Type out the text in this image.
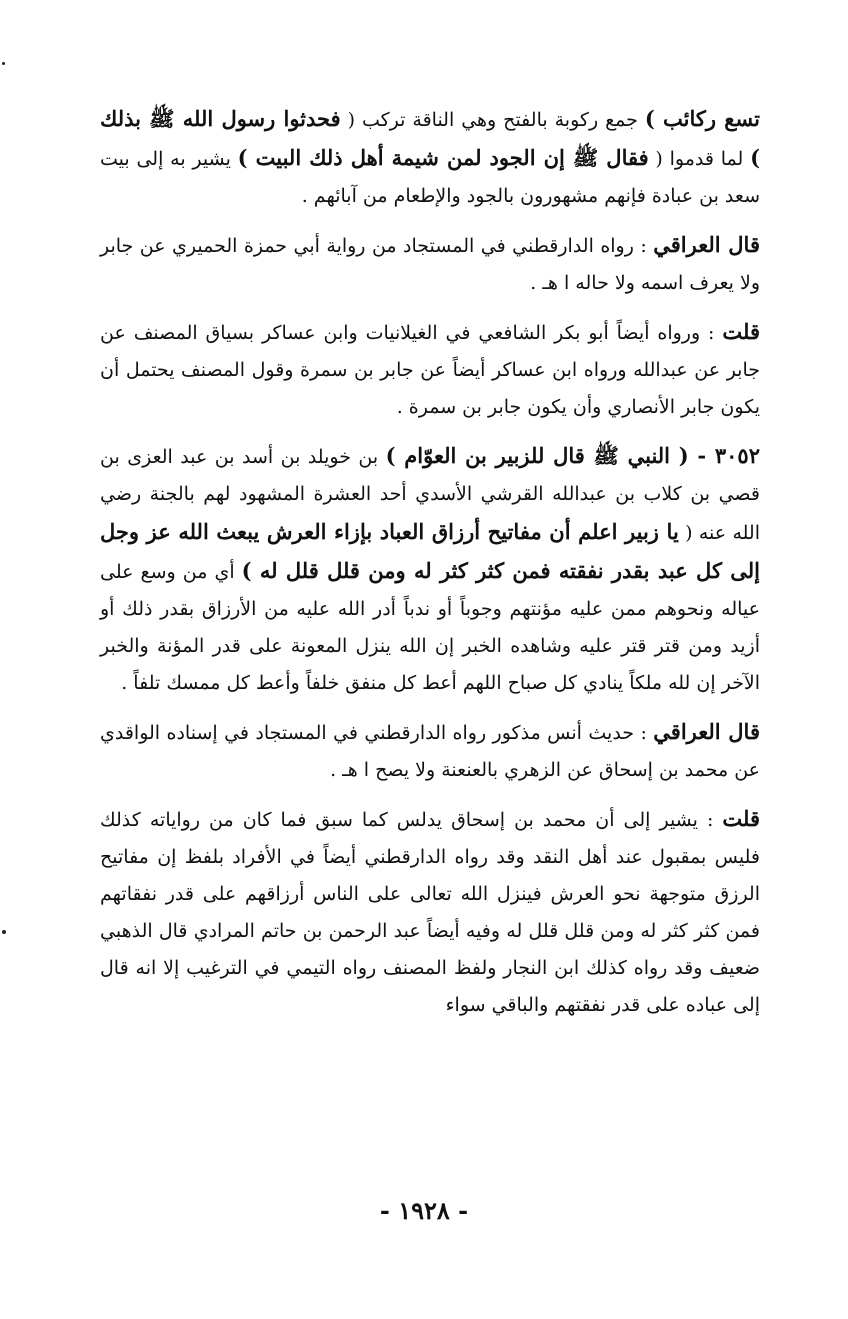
تسع ركائب ) جمع ركوبة بالفتح وهي الناقة تركب ( فحدثوا رسول الله ﷺ بذلك ) لما قدموا ( فقال ﷺ إن الجود لمن شيمة أهل ذلك البيت ) يشير به إلى بيت سعد بن عبادة فإنهم مشهورون بالجود والإطعام من آبائهم .

قال العراقي : رواه الدارقطني في المستجاد من رواية أبي حمزة الحميري عن جابر ولا يعرف اسمه ولا حاله ا هـ .

قلت : ورواه أيضاً أبو بكر الشافعي في الغيلانيات وابن عساكر بسياق المصنف عن جابر عن عبدالله ورواه ابن عساكر أيضاً عن جابر بن سمرة وقول المصنف يحتمل أن يكون جابر الأنصاري وأن يكون جابر بن سمرة .

٣٠٥٢ - ( النبي ﷺ قال للزبير بن العوّام ) بن خويلد بن أسد بن عبد العزى بن قصي بن كلاب بن عبدالله القرشي الأسدي أحد العشرة المشهود لهم بالجنة رضي الله عنه ( يا زبير اعلم أن مفاتيح أرزاق العباد بإزاء العرش يبعث الله عز وجل إلى كل عبد بقدر نفقته فمن كثر كثر له ومن قلل قلل له ) أي من وسع على عياله ونحوهم ممن عليه مؤنتهم وجوباً أو ندباً أدر الله عليه من الأرزاق بقدر ذلك أو أزيد ومن قتر قتر عليه وشاهده الخبر إن الله ينزل المعونة على قدر المؤنة والخبر الآخر إن لله ملكاً ينادي كل صباح اللهم أعط كل منفق خلفاً وأعط كل ممسك تلفاً .

قال العراقي : حديث أنس مذكور رواه الدارقطني في المستجاد في إسناده الواقدي عن محمد بن إسحاق عن الزهري بالعنعنة ولا يصح ا هـ .

قلت : يشير إلى أن محمد بن إسحاق يدلس كما سبق فما كان من رواياته كذلك فليس بمقبول عند أهل النقد وقد رواه الدارقطني أيضاً في الأفراد بلفظ إن مفاتيح الرزق متوجهة نحو العرش فينزل الله تعالى على الناس أرزاقهم على قدر نفقاتهم فمن كثر كثر له ومن قلل قلل له وفيه أيضاً عبد الرحمن بن حاتم المرادي قال الذهبي ضعيف وقد رواه كذلك ابن النجار ولفظ المصنف رواه التيمي في الترغيب إلا انه قال إلى عباده على قدر نفقتهم والباقي سواء

- ١٩٢٨ -
